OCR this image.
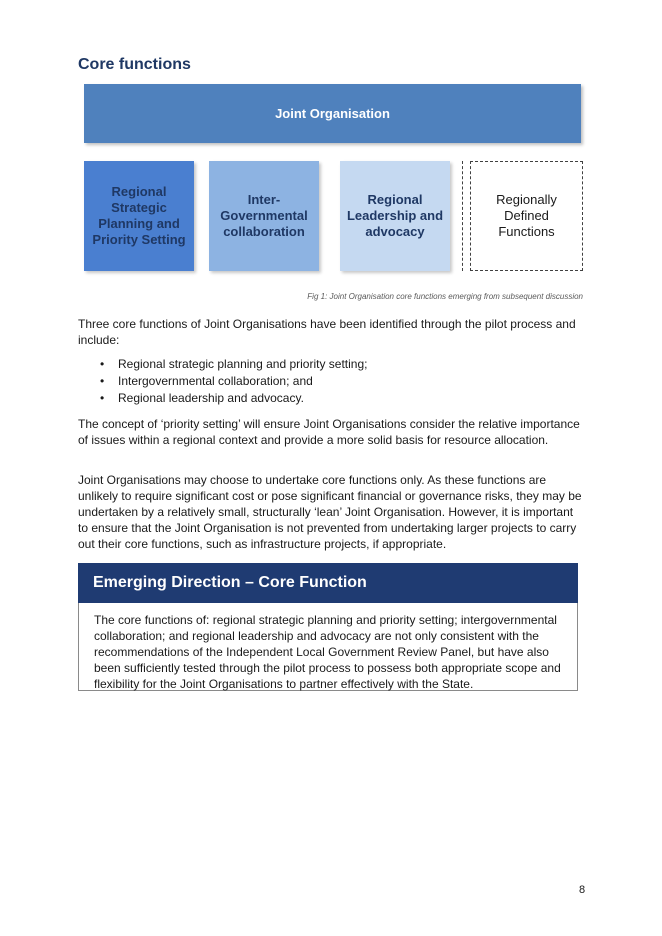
Core functions
Joint Organisation
Regional Strategic Planning and Priority Setting
Inter-Governmental collaboration
Regional Leadership and advocacy
Regionally Defined Functions
Fig 1: Joint Organisation core functions emerging from subsequent discussion

Three core functions of Joint Organisations have been identified through the pilot process and include:

• Regional strategic planning and priority setting;
• Intergovernmental collaboration; and
• Regional leadership and advocacy.

The concept of ‘priority setting’ will ensure Joint Organisations consider the relative importance of issues within a regional context and provide a more solid basis for resource allocation.

Joint Organisations may choose to undertake core functions only. As these functions are unlikely to require significant cost or pose significant financial or governance risks, they may be undertaken by a relatively small, structurally ‘lean’ Joint Organisation. However, it is important to ensure that the Joint Organisation is not prevented from undertaking larger projects to carry out their core functions, such as infrastructure projects, if appropriate.

Emerging Direction – Core Function
The core functions of: regional strategic planning and priority setting; intergovernmental collaboration; and regional leadership and advocacy are not only consistent with the recommendations of the Independent Local Government Review Panel, but have also been sufficiently tested through the pilot process to possess both appropriate scope and flexibility for the Joint Organisations to partner effectively with the State.
8
